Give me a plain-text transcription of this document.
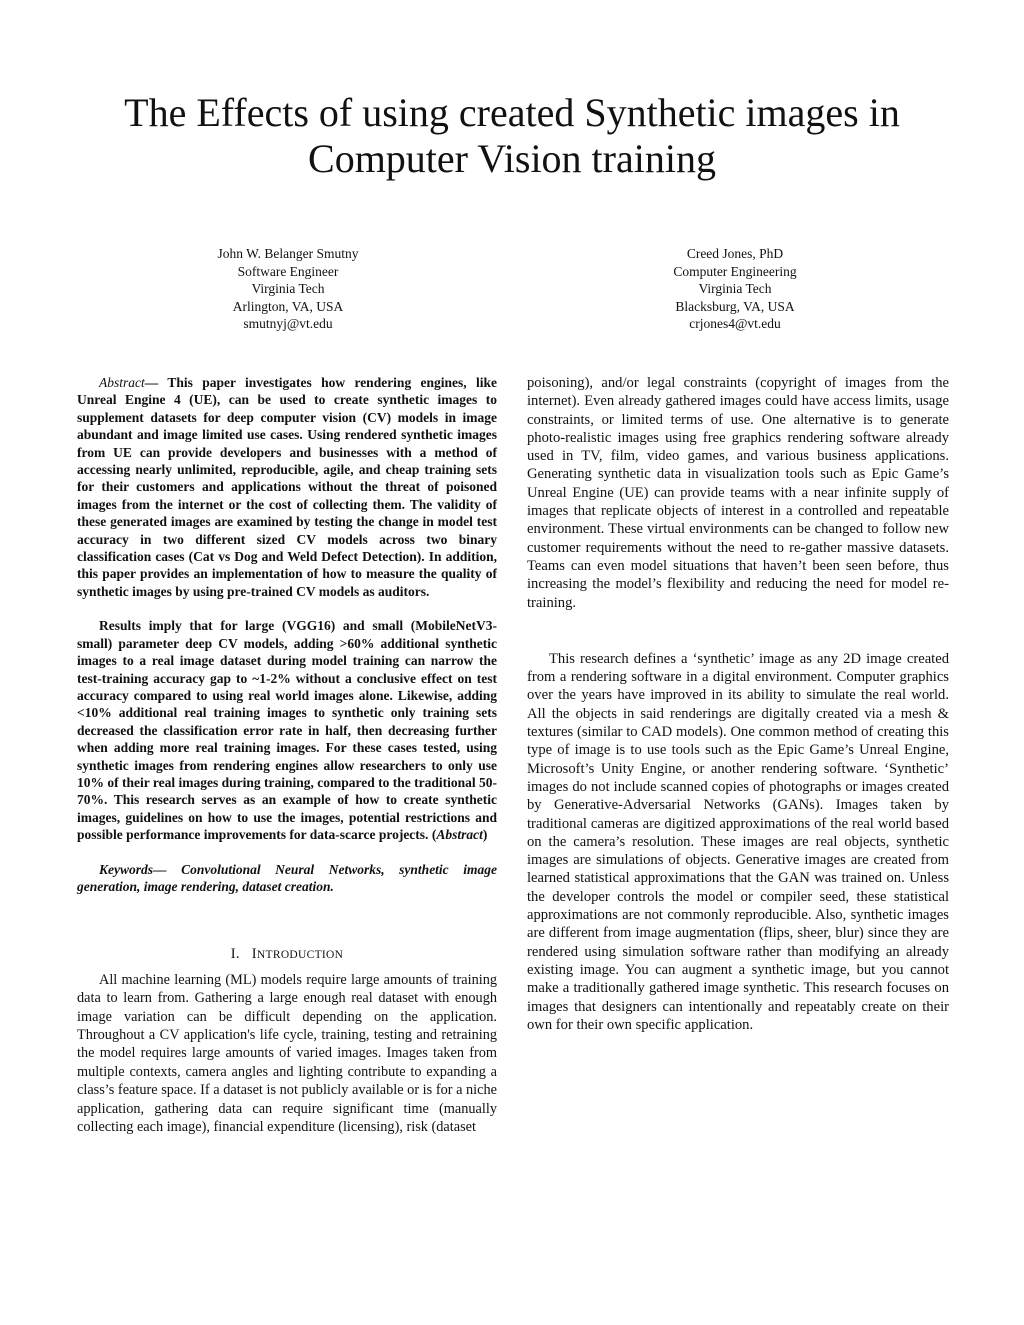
The Effects of using created Synthetic images in Computer Vision training
John W. Belanger Smutny
Software Engineer
Virginia Tech
Arlington, VA, USA
smutnyj@vt.edu
Creed Jones, PhD
Computer Engineering
Virginia Tech
Blacksburg, VA, USA
crjones4@vt.edu

Abstract— This paper investigates how rendering engines, like Unreal Engine 4 (UE), can be used to create synthetic images to supplement datasets for deep computer vision (CV) models in image abundant and image limited use cases. Using rendered synthetic images from UE can provide developers and businesses with a method of accessing nearly unlimited, reproducible, agile, and cheap training sets for their customers and applications without the threat of poisoned images from the internet or the cost of collecting them. The validity of these generated images are examined by testing the change in model test accuracy in two different sized CV models across two binary classification cases (Cat vs Dog and Weld Defect Detection). In addition, this paper provides an implementation of how to measure the quality of synthetic images by using pre-trained CV models as auditors.

Results imply that for large (VGG16) and small (MobileNetV3-small) parameter deep CV models, adding >60% additional synthetic images to a real image dataset during model training can narrow the test-training accuracy gap to ~1-2% without a conclusive effect on test accuracy compared to using real world images alone. Likewise, adding <10% additional real training images to synthetic only training sets decreased the classification error rate in half, then decreasing further when adding more real training images. For these cases tested, using synthetic images from rendering engines allow researchers to only use 10% of their real images during training, compared to the traditional 50-70%. This research serves as an example of how to create synthetic images, guidelines on how to use the images, potential restrictions and possible performance improvements for data-scarce projects. (Abstract)

Keywords— Convolutional Neural Networks, synthetic image generation, image rendering, dataset creation.

I. INTRODUCTION

All machine learning (ML) models require large amounts of training data to learn from. Gathering a large enough real dataset with enough image variation can be difficult depending on the application. Throughout a CV application's life cycle, training, testing and retraining the model requires large amounts of varied images. Images taken from multiple contexts, camera angles and lighting contribute to expanding a class’s feature space. If a dataset is not publicly available or is for a niche application, gathering data can require significant time (manually collecting each image), financial expenditure (licensing), risk (dataset

poisoning), and/or legal constraints (copyright of images from the internet). Even already gathered images could have access limits, usage constraints, or limited terms of use. One alternative is to generate photo-realistic images using free graphics rendering software already used in TV, film, video games, and various business applications. Generating synthetic data in visualization tools such as Epic Game’s Unreal Engine (UE) can provide teams with a near infinite supply of images that replicate objects of interest in a controlled and repeatable environment. These virtual environments can be changed to follow new customer requirements without the need to re-gather massive datasets. Teams can even model situations that haven’t been seen before, thus increasing the model’s flexibility and reducing the need for model re-training.

This research defines a ‘synthetic’ image as any 2D image created from a rendering software in a digital environment. Computer graphics over the years have improved in its ability to simulate the real world. All the objects in said renderings are digitally created via a mesh & textures (similar to CAD models). One common method of creating this type of image is to use tools such as the Epic Game’s Unreal Engine, Microsoft’s Unity Engine, or another rendering software. ‘Synthetic’ images do not include scanned copies of photographs or images created by Generative-Adversarial Networks (GANs). Images taken by traditional cameras are digitized approximations of the real world based on the camera’s resolution. These images are real objects, synthetic images are simulations of objects. Generative images are created from learned statistical approximations that the GAN was trained on. Unless the developer controls the model or compiler seed, these statistical approximations are not commonly reproducible. Also, synthetic images are different from image augmentation (flips, sheer, blur) since they are rendered using simulation software rather than modifying an already existing image. You can augment a synthetic image, but you cannot make a traditionally gathered image synthetic. This research focuses on images that designers can intentionally and repeatably create on their own for their own specific application.
